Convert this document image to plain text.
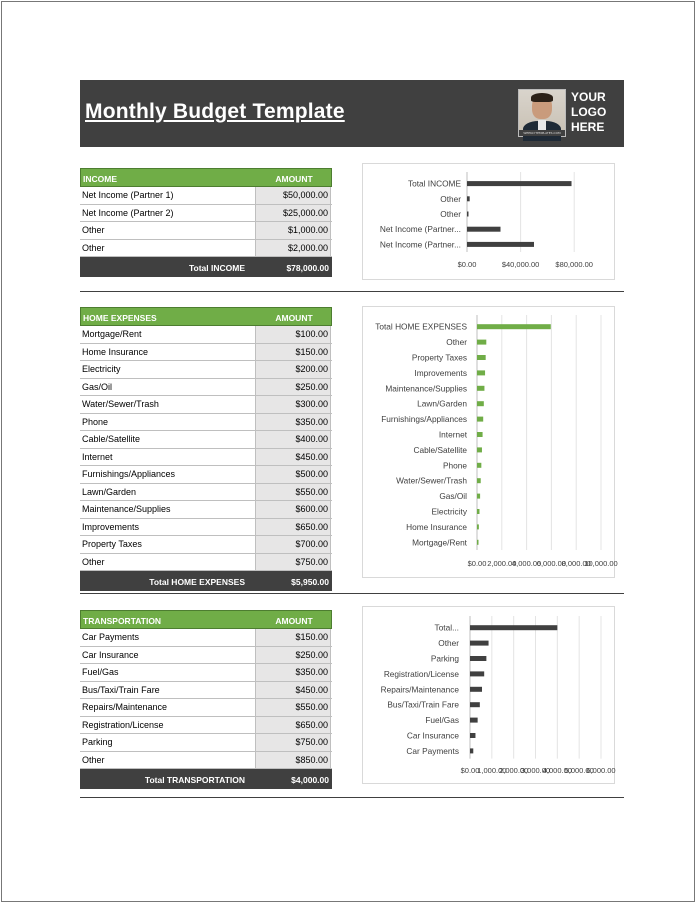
Monthly Budget Template
WEEKLYTEMPLATES.COM
YOUR
LOGO
HERE
INCOME	AMOUNT
Net Income (Partner 1)	$50,000.00
Net Income (Partner 2)	$25,000.00
Other	$1,000.00
Other	$2,000.00
Total INCOME	$78,000.00
Total INCOME
Other
Other
Net Income (Partner...
Net Income (Partner...
$0.00	$40,000.00 $80,000.00
HOME EXPENSES	AMOUNT
Mortgage/Rent	$100.00
Home Insurance	$150.00
Electricity	$200.00
Gas/Oil	$250.00
Water/Sewer/Trash	$300.00
Phone	$350.00
Cable/Satellite	$400.00
Internet	$450.00
Furnishings/Appliances	$500.00
Lawn/Garden	$550.00
Maintenance/Supplies	$600.00
Improvements	$650.00
Property Taxes	$700.00
Other	$750.00
Total HOME EXPENSES	$5,950.00
Total HOME EXPENSES
Other
Property Taxes
Improvements
Maintenance/Supplies
Lawn/Garden
Furnishings/Appliances
Internet
Cable/Satellite
Phone
Water/Sewer/Trash
Gas/Oil
Electricity
Home Insurance
Mortgage/Rent
$0.00 2,000.00
4,000.00
6,000.00
8,000.00
10,000.00
TRANSPORTATION	AMOUNT
Car Payments	$150.00
Car Insurance	$250.00
Fuel/Gas	$350.00
Bus/Taxi/Train Fare	$450.00
Repairs/Maintenance	$550.00
Registration/License	$650.00
Parking	$750.00
Other	$850.00
Total TRANSPORTATION	$4,000.00
Total...
Other
Parking
Registration/License
Repairs/Maintenance
Bus/Taxi/Train Fare
Fuel/Gas
Car Insurance
Car Payments
$0.00
1,000.00
2,000.00
3,000.00
4,000.00
5,000.00
6,000.00
